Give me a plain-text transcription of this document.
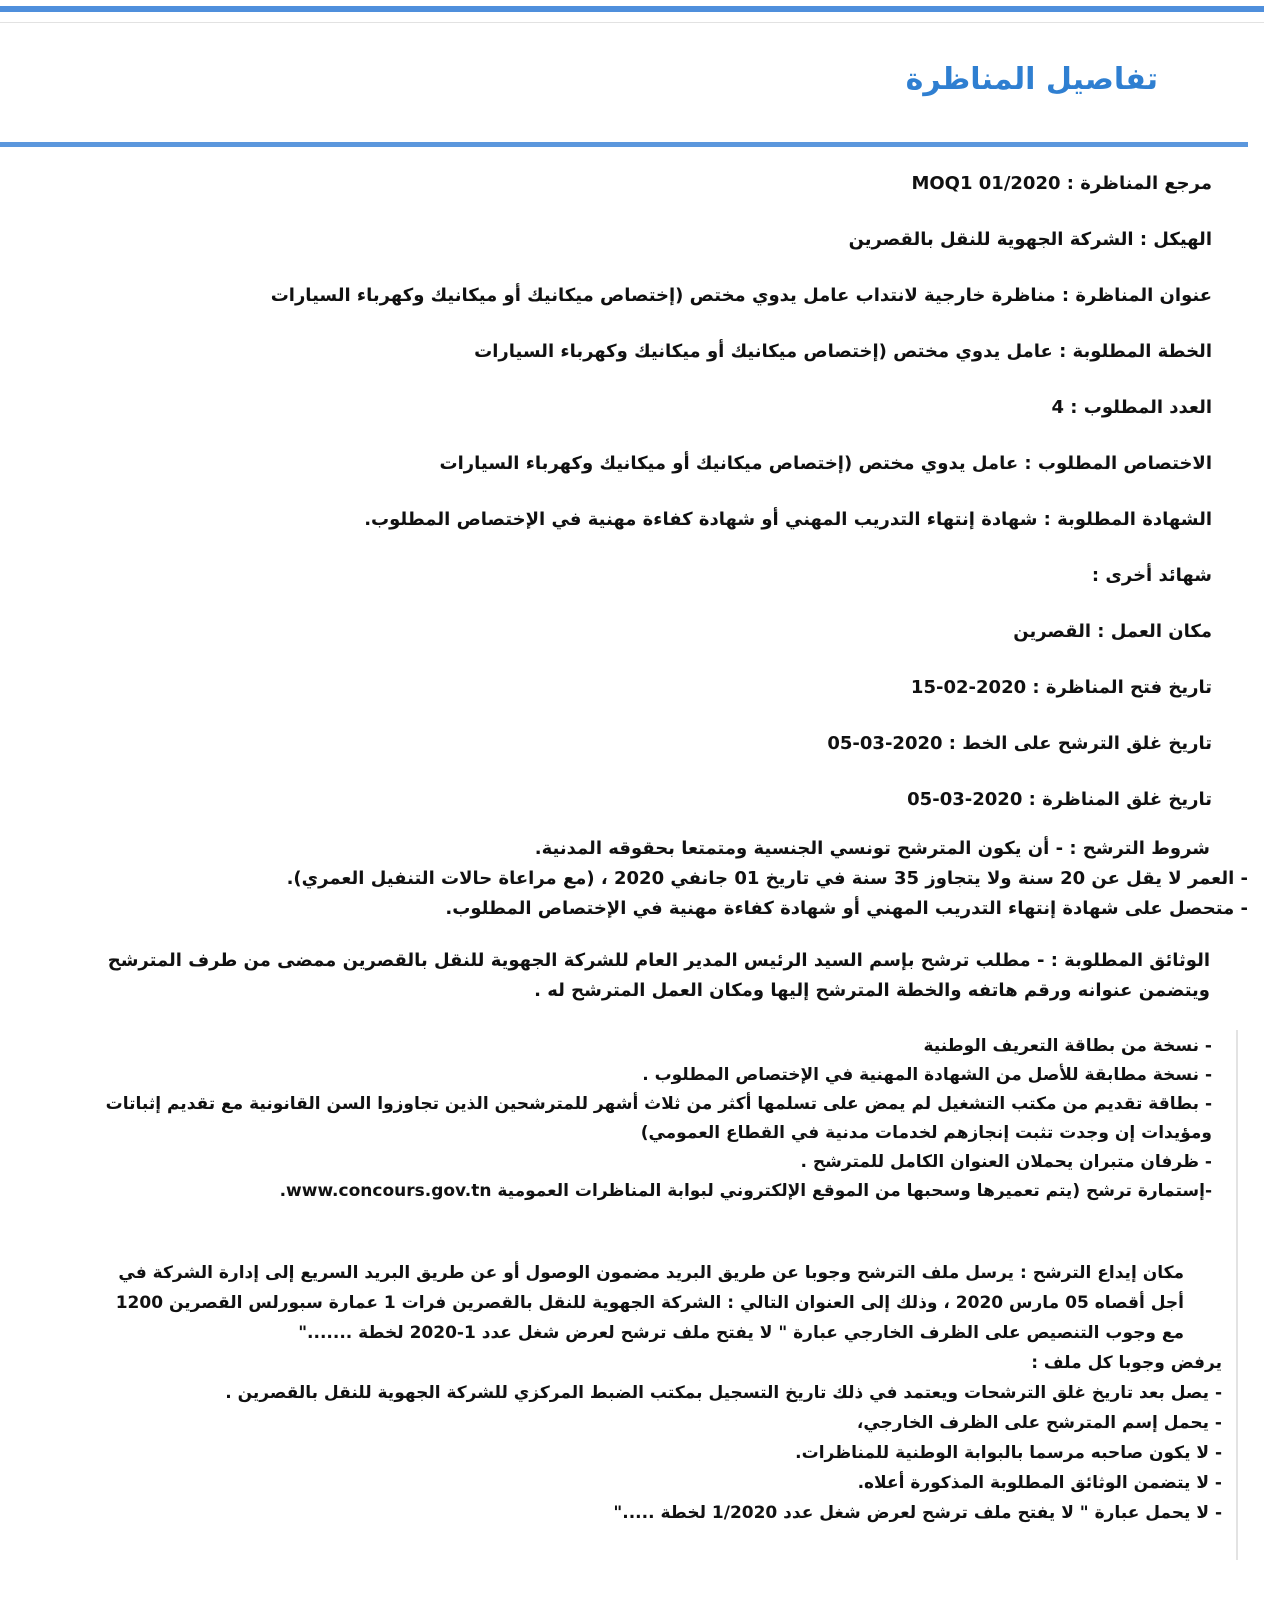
تفاصيل المناظرة
مرجع المناظرة : MOQ1 01/2020
الهيكل : الشركة الجهوية للنقل بالقصرين
عنوان المناظرة : مناظرة خارجية لانتداب عامل يدوي مختص (إختصاص ميكانيك أو ميكانيك وكهرباء السيارات
الخطة المطلوبة : عامل يدوي مختص (إختصاص ميكانيك أو ميكانيك وكهرباء السيارات
العدد المطلوب : 4
الاختصاص المطلوب : عامل يدوي مختص (إختصاص ميكانيك أو ميكانيك وكهرباء السيارات
الشهادة المطلوبة : شهادة إنتهاء التدريب المهني أو شهادة كفاءة مهنية في الإختصاص المطلوب.
شهائد أخرى :
مكان العمل : القصرين
تاريخ فتح المناظرة : 2020-02-15
تاريخ غلق الترشح على الخط : 2020-03-05
تاريخ غلق المناظرة : 2020-03-05
شروط الترشح : - أن يكون المترشح تونسي الجنسية ومتمتعا بحقوقه المدنية.
- العمر لا يقل عن 20 سنة ولا يتجاوز 35 سنة في تاريخ 01 جانفي 2020 ، (مع مراعاة حالات التنفيل العمري).
- متحصل على شهادة إنتهاء التدريب المهني أو شهادة كفاءة مهنية في الإختصاص المطلوب.
الوثائق المطلوبة : - مطلب ترشح بإسم السيد الرئيس المدير العام للشركة الجهوية للنقل بالقصرين ممضى من طرف المترشح ويتضمن عنوانه ورقم هاتفه والخطة المترشح إليها ومكان العمل المترشح له .
- نسخة من بطاقة التعريف الوطنية
- نسخة مطابقة للأصل من الشهادة المهنية في الإختصاص المطلوب .
- بطاقة تقديم من مكتب التشغيل لم يمض على تسلمها أكثر من ثلاث أشهر للمترشحين الذين تجاوزوا السن القانونية مع تقديم إثباتات ومؤيدات إن وجدت تثبت إنجازهم لخدمات مدنية في القطاع العمومي)
- ظرفان متبران يحملان العنوان الكامل للمترشح .
-إستمارة ترشح (يتم تعميرها وسحبها من الموقع الإلكتروني لبوابة المناظرات العمومية www.concours.gov.tn.
مكان إيداع الترشح : يرسل ملف الترشح وجوبا عن طريق البريد مضمون الوصول أو عن طريق البريد السريع إلى إدارة الشركة في أجل أقصاه 05 مارس 2020 ، وذلك إلى العنوان التالي : الشركة الجهوية للنقل بالقصرين فرات 1 عمارة سبورلس القصرين 1200 مع وجوب التنصيص على الظرف الخارجي عبارة " لا يفتح ملف ترشح لعرض شغل عدد 1-2020 لخطة ......."
يرفض وجوبا كل ملف :
- يصل بعد تاريخ غلق الترشحات ويعتمد في ذلك تاريخ التسجيل بمكتب الضبط المركزي للشركة الجهوية للنقل بالقصرين .
- يحمل إسم المترشح على الظرف الخارجي،
- لا يكون صاحبه مرسما بالبوابة الوطنية للمناظرات.
- لا يتضمن الوثائق المطلوبة المذكورة أعلاه.
- لا يحمل عبارة " لا يفتح ملف ترشح لعرض شغل عدد 1/2020 لخطة ....."
